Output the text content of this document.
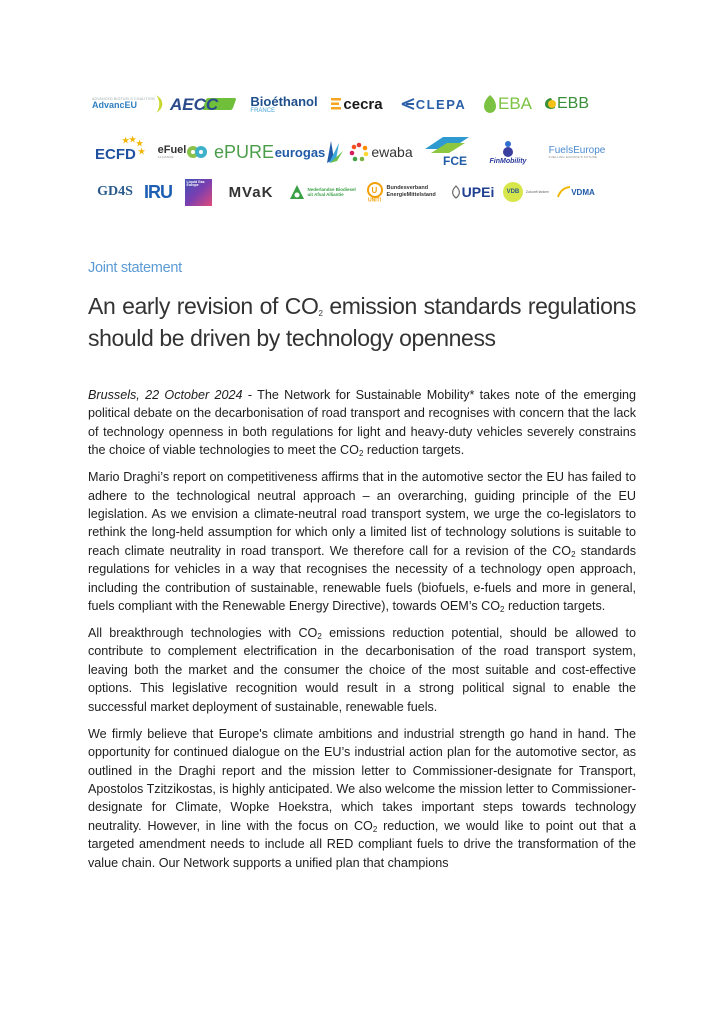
ADVANCED BIOFUELS COALITION
AdvancEU AECC Bioéthanol
FRANCE	cecra	CLEPA EBA EBB
★ ★ ★
★
ECFD eFuel
ALLIANCE ePURE eurogas	ewaba
FCE	FinMobility
FuelsEurope
FUELLING EUROPE'S FUTURE
GD4S IRU	Liquid Gas Europe	MVaK	Nederlandse Biodiesel uit Afval Alliantie	U
UNITI
Bundesverband EnergieMittelstand	UPEi VDB Zukunft tanken	VDMA
Joint statement
An early revision of $CO_2$ emission standards regulations
should be driven by technology openness

Brussels, 22 October 2024 - The Network for Sustainable Mobility* takes note of the emerging political debate on the decarbonisation of road transport and recognises with concern that the lack of technology openness in both regulations for light and heavy-duty vehicles severely constrains the choice of viable technologies to meet the $CO_2$ reduction targets.

Mario Draghi’s report on competitiveness affirms that in the automotive sector the EU has failed to adhere to the technological neutral approach – an overarching, guiding principle of the EU legislation. As we envision a climate-neutral road transport system, we urge the co-legislators to rethink the long-held assumption for which only a limited list of technology solutions is suitable to reach climate neutrality in road transport. We therefore call for a revision of the $CO_2$ standards regulations for vehicles in a way that recognises the necessity of a technology open approach, including the contribution of sustainable, renewable fuels (biofuels, e-fuels and more in general, fuels compliant with the Renewable Energy Directive), towards OEM’s $CO_2$ reduction targets.

All breakthrough technologies with $CO_2$ emissions reduction potential, should be allowed to contribute to complement electrification in the decarbonisation of the road transport system, leaving both the market and the consumer the choice of the most suitable and cost-effective options. This legislative recognition would result in a strong political signal to enable the successful market deployment of sustainable, renewable fuels.

We firmly believe that Europe's climate ambitions and industrial strength go hand in hand. The opportunity for continued dialogue on the EU’s industrial action plan for the automotive sector, as outlined in the Draghi report and the mission letter to Commissioner-designate for Transport, Apostolos Tzitzikostas, is highly anticipated. We also welcome the mission letter to Commissioner-designate for Climate, Wopke Hoekstra, which takes important steps towards technology neutrality. However, in line with the focus on $CO_2$ reduction, we would like to point out that a targeted amendment needs to include all RED compliant fuels to drive the transformation of the value chain. Our Network supports a unified plan that champions
